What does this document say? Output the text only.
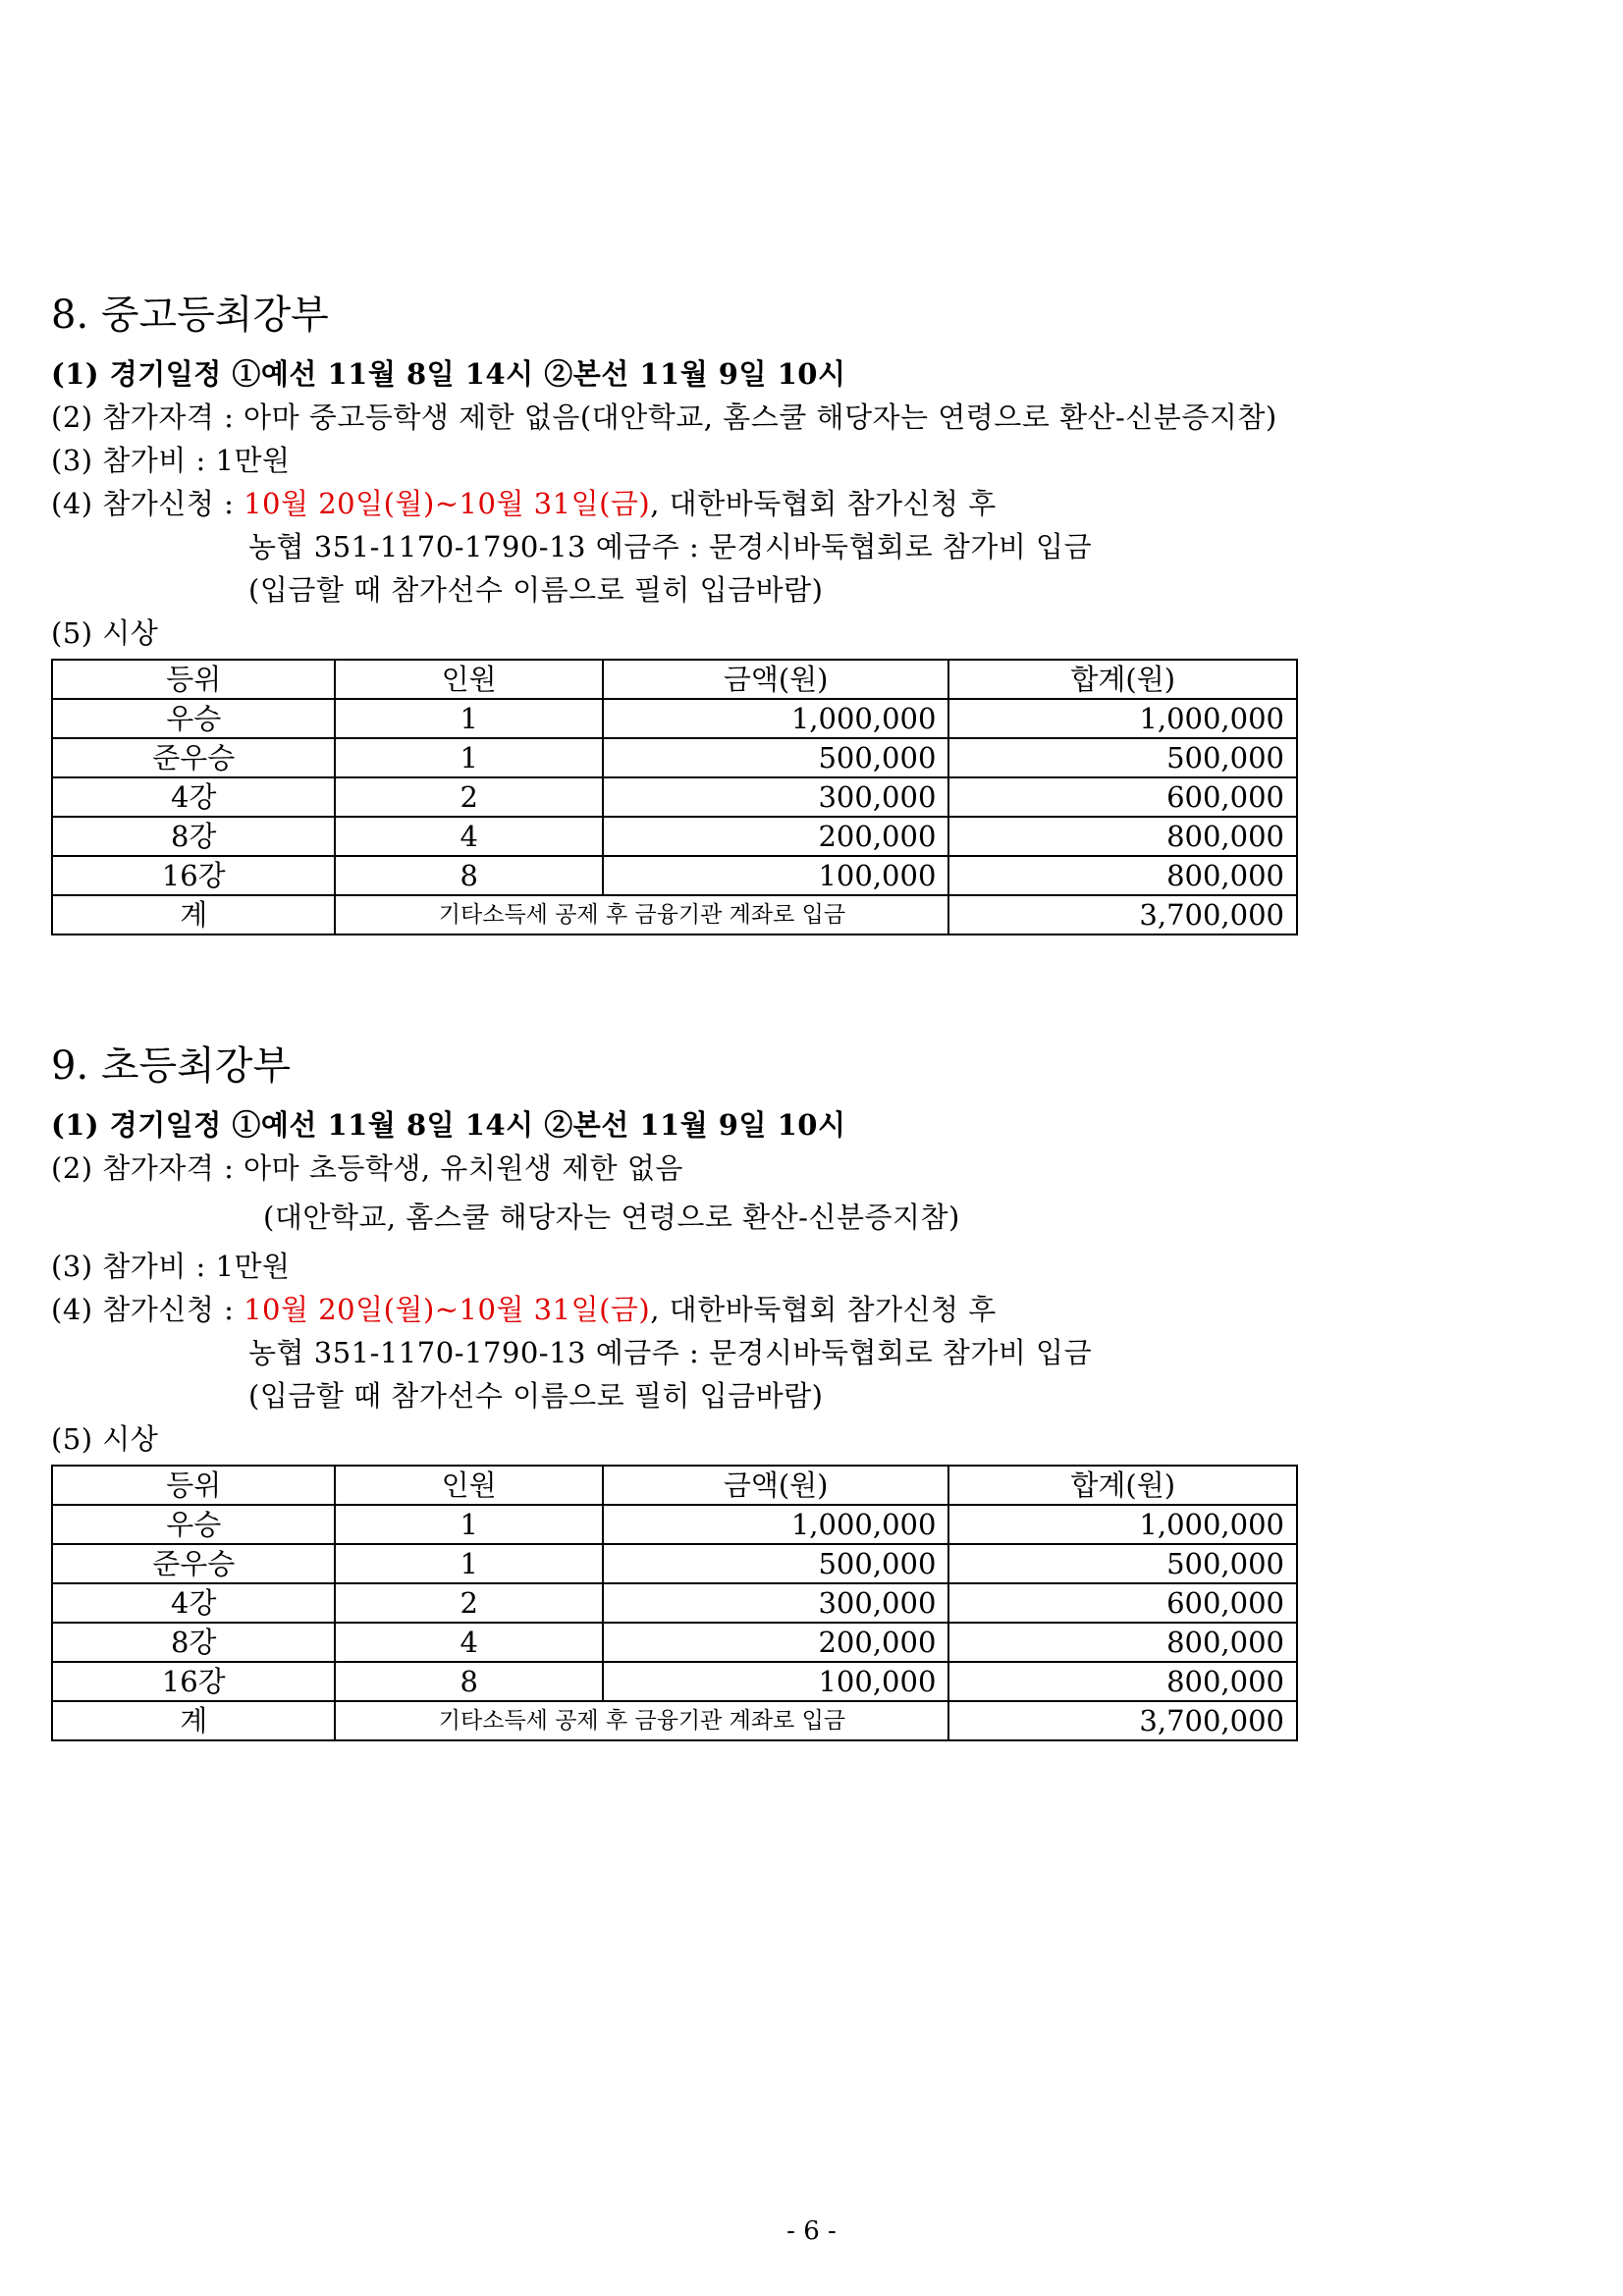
8. 중고등최강부
(1) 경기일정 ①예선 11월 8일 14시 ②본선 11월 9일 10시
(2) 참가자격 : 아마 중고등학생 제한 없음(대안학교, 홈스쿨 해당자는 연령으로 환산-신분증지참)
(3) 참가비 : 1만원
(4) 참가신청 : 10월 20일(월)~10월 31일(금), 대한바둑협회 참가신청 후
농협 351-1170-1790-13 예금주 : 문경시바둑협회로 참가비 입금
(입금할 때 참가선수 이름으로 필히 입금바람)
(5) 시상
등위	인원	금액(원)	합계(원)
우승	1	1,000,000	1,000,000
준우승	1	500,000	500,000
4강	2	300,000	600,000
8강	4	200,000	800,000
16강	8	100,000	800,000
계	기타소득세 공제 후 금융기관 계좌로 입금		3,700,000
9. 초등최강부
(1) 경기일정 ①예선 11월 8일 14시 ②본선 11월 9일 10시
(2) 참가자격 : 아마 초등학생, 유치원생 제한 없음
(대안학교, 홈스쿨 해당자는 연령으로 환산-신분증지참)
(3) 참가비 : 1만원
(4) 참가신청 : 10월 20일(월)~10월 31일(금), 대한바둑협회 참가신청 후
농협 351-1170-1790-13 예금주 : 문경시바둑협회로 참가비 입금
(입금할 때 참가선수 이름으로 필히 입금바람)
(5) 시상
등위	인원	금액(원)	합계(원)
우승	1	1,000,000	1,000,000
준우승	1	500,000	500,000
4강	2	300,000	600,000
8강	4	200,000	800,000
16강	8	100,000	800,000
계	기타소득세 공제 후 금융기관 계좌로 입금		3,700,000
- 6 -
